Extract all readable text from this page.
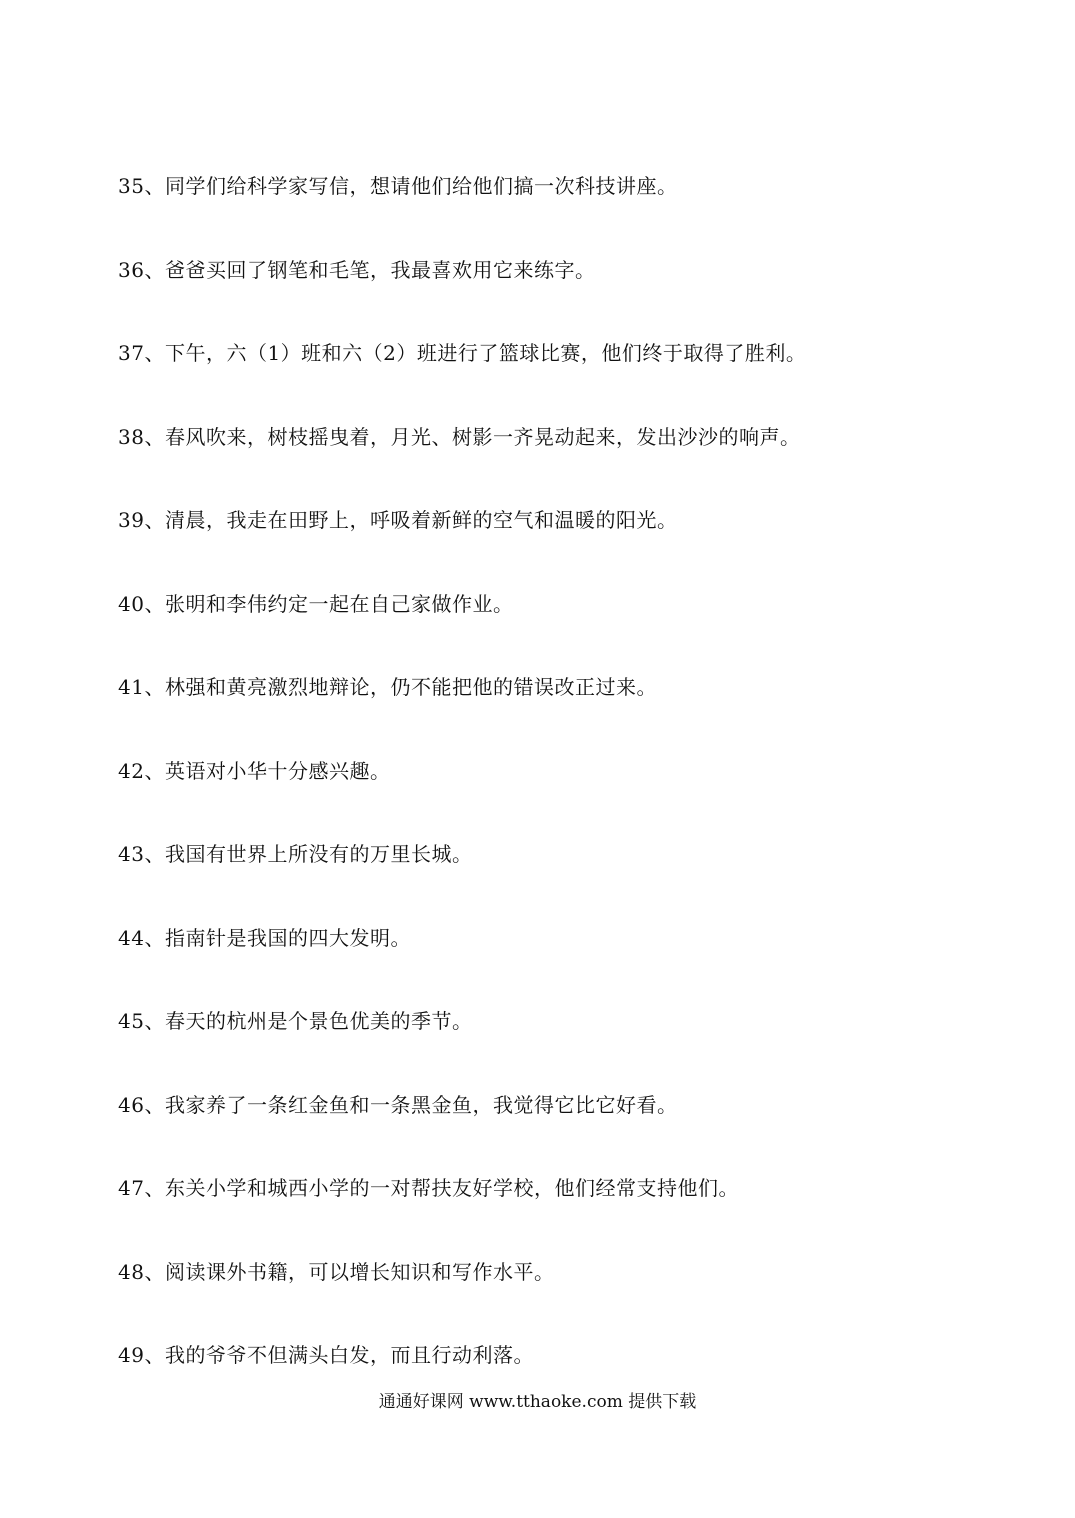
35、同学们给科学家写信，想请他们给他们搞一次科技讲座。
36、爸爸买回了钢笔和毛笔，我最喜欢用它来练字。
37、下午，六（1）班和六（2）班进行了篮球比赛，他们终于取得了胜利。
38、春风吹来，树枝摇曳着，月光、树影一齐晃动起来，发出沙沙的响声。
39、清晨，我走在田野上，呼吸着新鲜的空气和温暖的阳光。
40、张明和李伟约定一起在自己家做作业。
41、林强和黄亮激烈地辩论，仍不能把他的错误改正过来。
42、英语对小华十分感兴趣。
43、我国有世界上所没有的万里长城。
44、指南针是我国的四大发明。
45、春天的杭州是个景色优美的季节。
46、我家养了一条红金鱼和一条黑金鱼，我觉得它比它好看。
47、东关小学和城西小学的一对帮扶友好学校，他们经常支持他们。
48、阅读课外书籍，可以增长知识和写作水平。
49、我的爷爷不但满头白发，而且行动利落。
通通好课网 www.tthaoke.com 提供下载
